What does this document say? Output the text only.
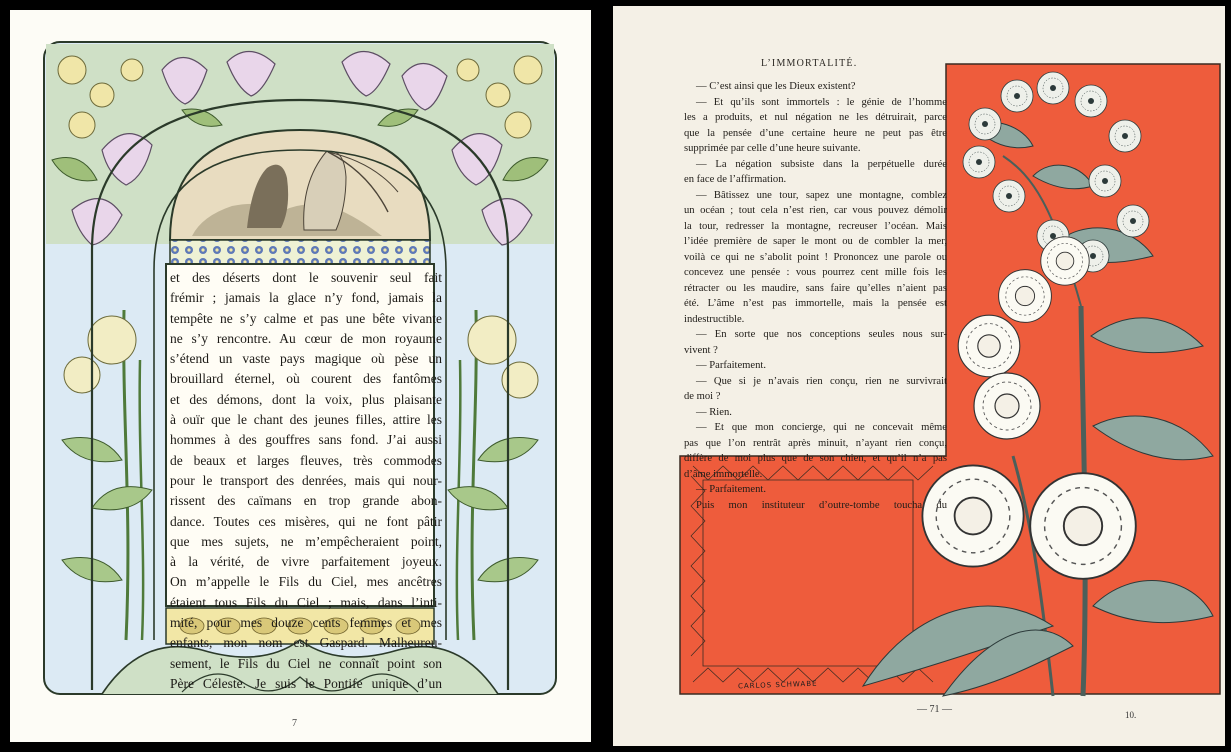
et des déserts dont le souvenir seul fait
frémir ; jamais la glace n’y fond, jamais la
tempête ne s’y calme et pas une bête vivante
ne s’y rencontre. Au cœur de mon royaume
s’étend un vaste pays magique où pèse un
brouillard éternel, où courent des fantômes
et des démons, dont la voix, plus plaisante
à ouïr que le chant des jeunes filles, attire les
hommes à des gouffres sans fond. J’ai aussi
de beaux et larges fleuves, très commodes
pour le transport des denrées, mais qui nour-
rissent des caïmans en trop grande abon-
dance. Toutes ces misères, qui ne font pâtir
que mes sujets, ne m’empêcheraient point,
à la vérité, de vivre parfaitement joyeux.
On m’appelle le Fils du Ciel, mes ancêtres
étaient tous Fils du Ciel ; mais, dans l’inti-
mité, pour mes douze cents femmes et mes
enfants, mon nom est Gaspard. Malheureu-
sement, le Fils du Ciel ne connaît point son
Père Céleste. Je suis le Pontife unique d’un
7
L’IMMORTALITÉ.
— C’est ainsi que les Dieux existent?
— Et qu’ils sont immortels : le génie de l’homme
les a produits, et nul négation ne les détruirait, parce
que la pensée d’une certaine heure ne peut pas être
supprimée par celle d’une heure suivante.
— La négation subsiste dans la perpétuelle durée
en face de l’affirmation.
— Bâtissez une tour, sapez une montagne, comblez
un océan ; tout cela n’est rien, car vous pouvez démolir
la tour, redresser la montagne, recreuser l’océan. Mais
l’idée première de saper le mont ou de combler la mer,
voilà ce qui ne s’abolit point ! Prononcez une parole ou
concevez une pensée : vous pourrez cent mille fois les
rétracter ou les maudire, sans faire qu’elles n’aient pas
été. L’âme n’est pas immortelle, mais la pensée est
indestructible.
— En sorte que nos conceptions seules nous sur-
vivent ?
— Parfaitement.
— Que si je n’avais rien conçu, rien ne survivrait
de moi ?
— Rien.
— Et que mon concierge, qui ne concevait même
pas que l’on rentrât après minuit, n’ayant rien conçu,
diffère de moi plus que de son chien, et qu’il n’a pas
d’âme immortelle.
— Parfaitement.
Puis mon instituteur d’outre-tombe toucha du
CARLOS SCHWABE
— 71 —	10.
